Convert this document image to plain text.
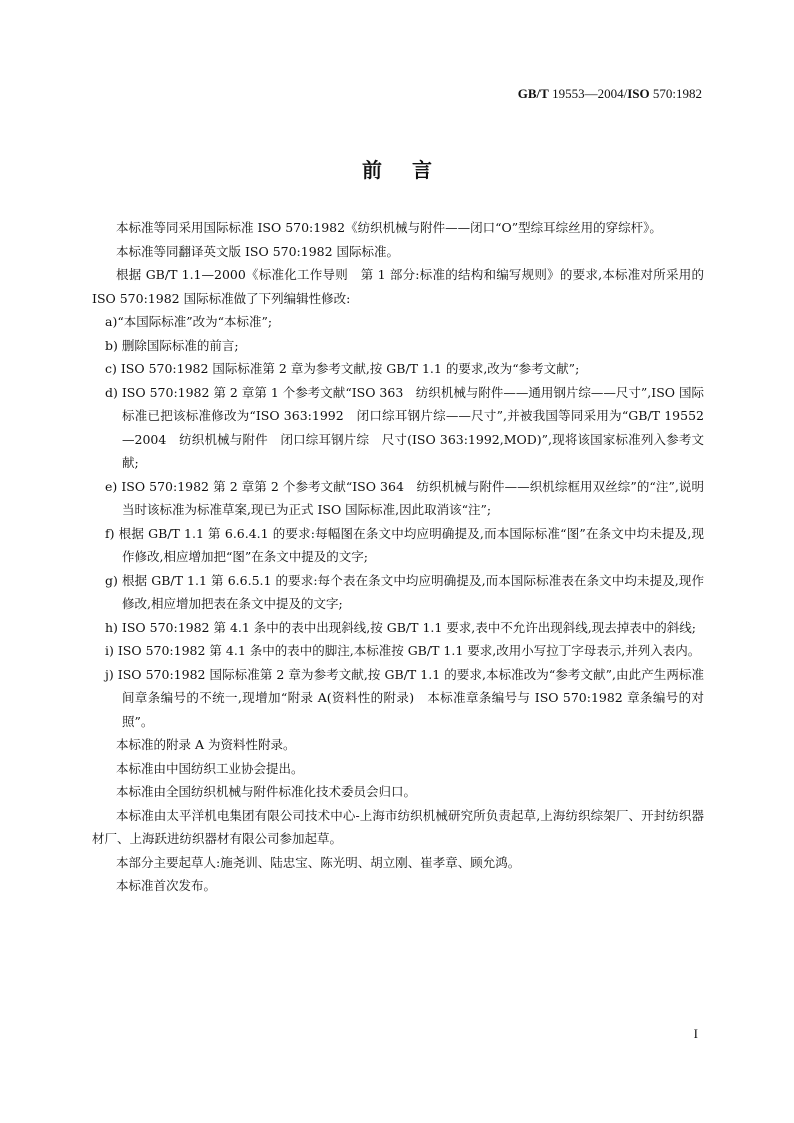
GB/T 19553—2004/ISO 570:1982
前言

本标准等同采用国际标准 ISO 570:1982《纺织机械与附件——闭口“O”型综耳综丝用的穿综杆》。

本标准等同翻译英文版 ISO 570:1982 国际标准。

根据 GB/T 1.1—2000《标准化工作导则　第 1 部分:标准的结构和编写规则》的要求,本标准对所采用的 ISO 570:1982 国际标准做了下列编辑性修改:

a)“本国际标准”改为“本标准”;

b) 删除国际标准的前言;

c) ISO 570:1982 国际标准第 2 章为参考文献,按 GB/T 1.1 的要求,改为“参考文献”;

d) ISO 570:1982 第 2 章第 1 个参考文献“ISO 363　纺织机械与附件——通用钢片综——尺寸”,ISO 国际标准已把该标准修改为“ISO 363:1992　闭口综耳钢片综——尺寸”,并被我国等同采用为“GB/T 19552—2004　纺织机械与附件　闭口综耳钢片综　尺寸(ISO 363:1992,MOD)”,现将该国家标准列入参考文献;

e) ISO 570:1982 第 2 章第 2 个参考文献“ISO 364　纺织机械与附件——织机综框用双丝综”的“注”,说明当时该标准为标准草案,现已为正式 ISO 国际标准,因此取消该“注”;

f) 根据 GB/T 1.1 第 6.6.4.1 的要求:每幅图在条文中均应明确提及,而本国际标准“图”在条文中均未提及,现作修改,相应增加把“图”在条文中提及的文字;

g) 根据 GB/T 1.1 第 6.6.5.1 的要求:每个表在条文中均应明确提及,而本国际标准表在条文中均未提及,现作修改,相应增加把表在条文中提及的文字;

h) ISO 570:1982 第 4.1 条中的表中出现斜线,按 GB/T 1.1 要求,表中不允许出现斜线,现去掉表中的斜线;

i) ISO 570:1982 第 4.1 条中的表中的脚注,本标准按 GB/T 1.1 要求,改用小写拉丁字母表示,并列入表内。

j) ISO 570:1982 国际标准第 2 章为参考文献,按 GB/T 1.1 的要求,本标准改为“参考文献”,由此产生两标准间章条编号的不统一,现增加“附录 A(资料性的附录)　本标准章条编号与 ISO 570:1982 章条编号的对照”。

本标准的附录 A 为资料性附录。

本标准由中国纺织工业协会提出。

本标准由全国纺织机械与附件标准化技术委员会归口。

本标准由太平洋机电集团有限公司技术中心-上海市纺织机械研究所负责起草,上海纺织综架厂、开封纺织器材厂、上海跃进纺织器材有限公司参加起草。

本部分主要起草人:施尧训、陆忠宝、陈光明、胡立刚、崔孝章、顾允鸿。

本标准首次发布。

I
